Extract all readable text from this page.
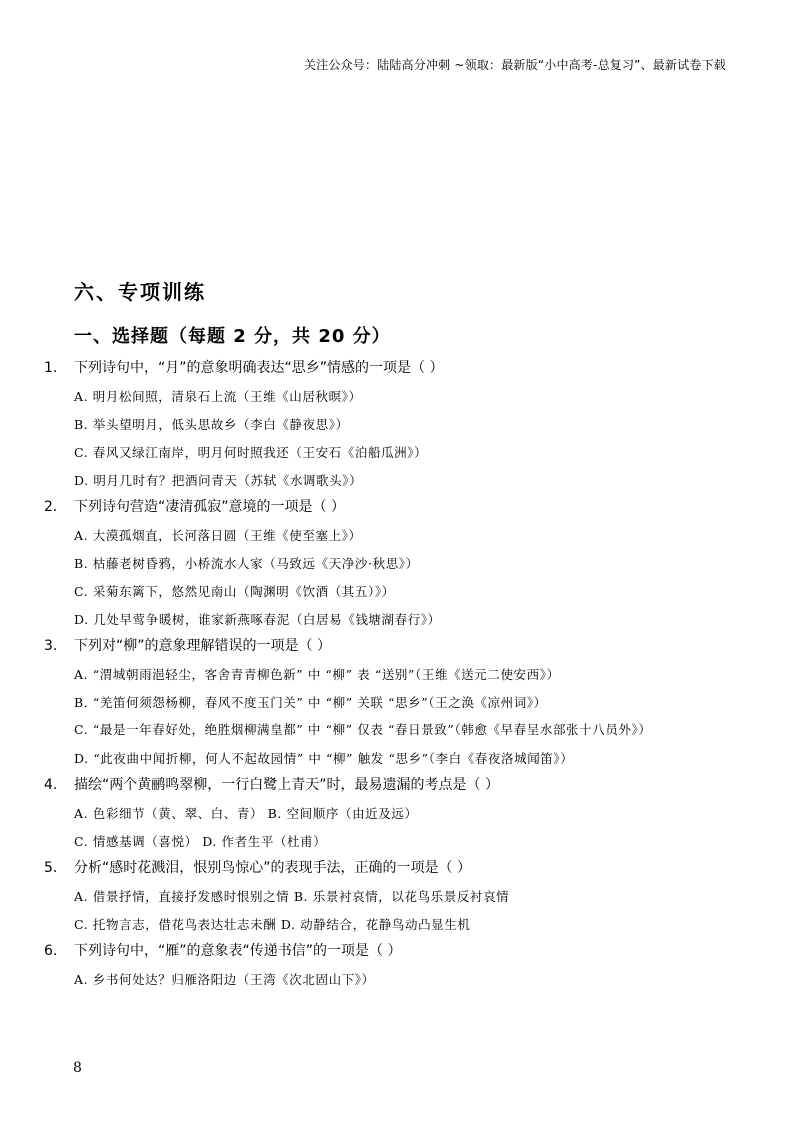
关注公众号：陆陆高分冲刺 ~领取：最新版“小中高考-总复习”、最新试卷下载
六、专项训练
一、选择题（每题 2 分，共 20 分）
1. 下列诗句中，“月”的意象明确表达“思乡”情感的一项是（ ）
A. 明月松间照，清泉石上流（王维《山居秋暝》）
B. 举头望明月，低头思故乡（李白《静夜思》）
C. 春风又绿江南岸，明月何时照我还（王安石《泊船瓜洲》）
D. 明月几时有？把酒问青天（苏轼《水调歌头》）
2. 下列诗句营造“凄清孤寂”意境的一项是（ ）
A. 大漠孤烟直，长河落日圆（王维《使至塞上》）
B. 枯藤老树昏鸦，小桥流水人家（马致远《天净沙·秋思》）
C. 采菊东篱下，悠然见南山（陶渊明《饮酒（其五）》）
D. 几处早莺争暖树，谁家新燕啄春泥（白居易《钱塘湖春行》）
3. 下列对“柳”的意象理解错误的一项是（ ）
A. “渭城朝雨浥轻尘，客舍青青柳色新” 中 “柳” 表 “送别”（王维《送元二使安西》）
B. “羌笛何须怨杨柳，春风不度玉门关” 中 “柳” 关联 “思乡”（王之涣《凉州词》）
C. “最是一年春好处，绝胜烟柳满皇都” 中 “柳” 仅表 “春日景致”（韩愈《早春呈水部张十八员外》）
D. “此夜曲中闻折柳，何人不起故园情” 中 “柳” 触发 “思乡”（李白《春夜洛城闻笛》）
4. 描绘“两个黄鹂鸣翠柳，一行白鹭上青天”时，最易遗漏的考点是（ ）
A. 色彩细节（黄、翠、白、青） B. 空间顺序（由近及远）
C. 情感基调（喜悦） D. 作者生平（杜甫）
5. 分析“感时花溅泪，恨别鸟惊心”的表现手法，正确的一项是（ ）
A. 借景抒情，直接抒发感时恨别之情 B. 乐景衬哀情，以花鸟乐景反衬哀情
C. 托物言志，借花鸟表达壮志未酬 D. 动静结合，花静鸟动凸显生机
6. 下列诗句中，“雁”的意象表“传递书信”的一项是（ ）
A. 乡书何处达？归雁洛阳边（王湾《次北固山下》）
8
